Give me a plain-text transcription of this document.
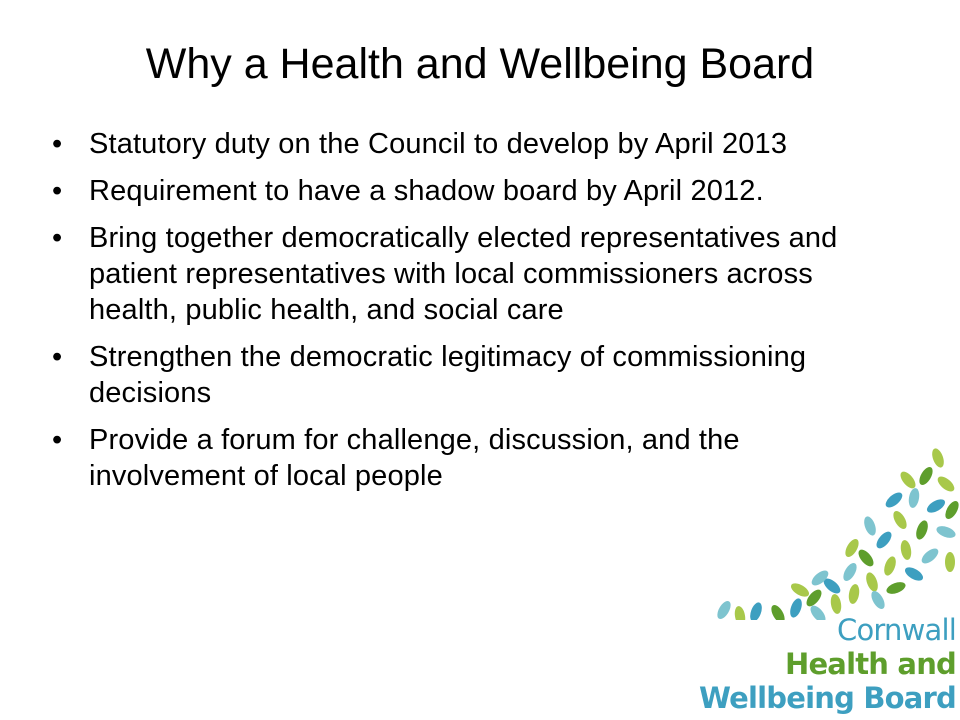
Why a Health and Wellbeing Board
• Statutory duty on the Council to develop by April 2013
• Requirement to have a shadow board by April 2012.
• Bring together democratically elected representatives and patient representatives with local commissioners across health, public health, and social care
• Strengthen the democratic legitimacy of commissioning decisions
• Provide a forum for challenge, discussion, and the involvement of local people
Cornwall
Health and
Wellbeing Board
